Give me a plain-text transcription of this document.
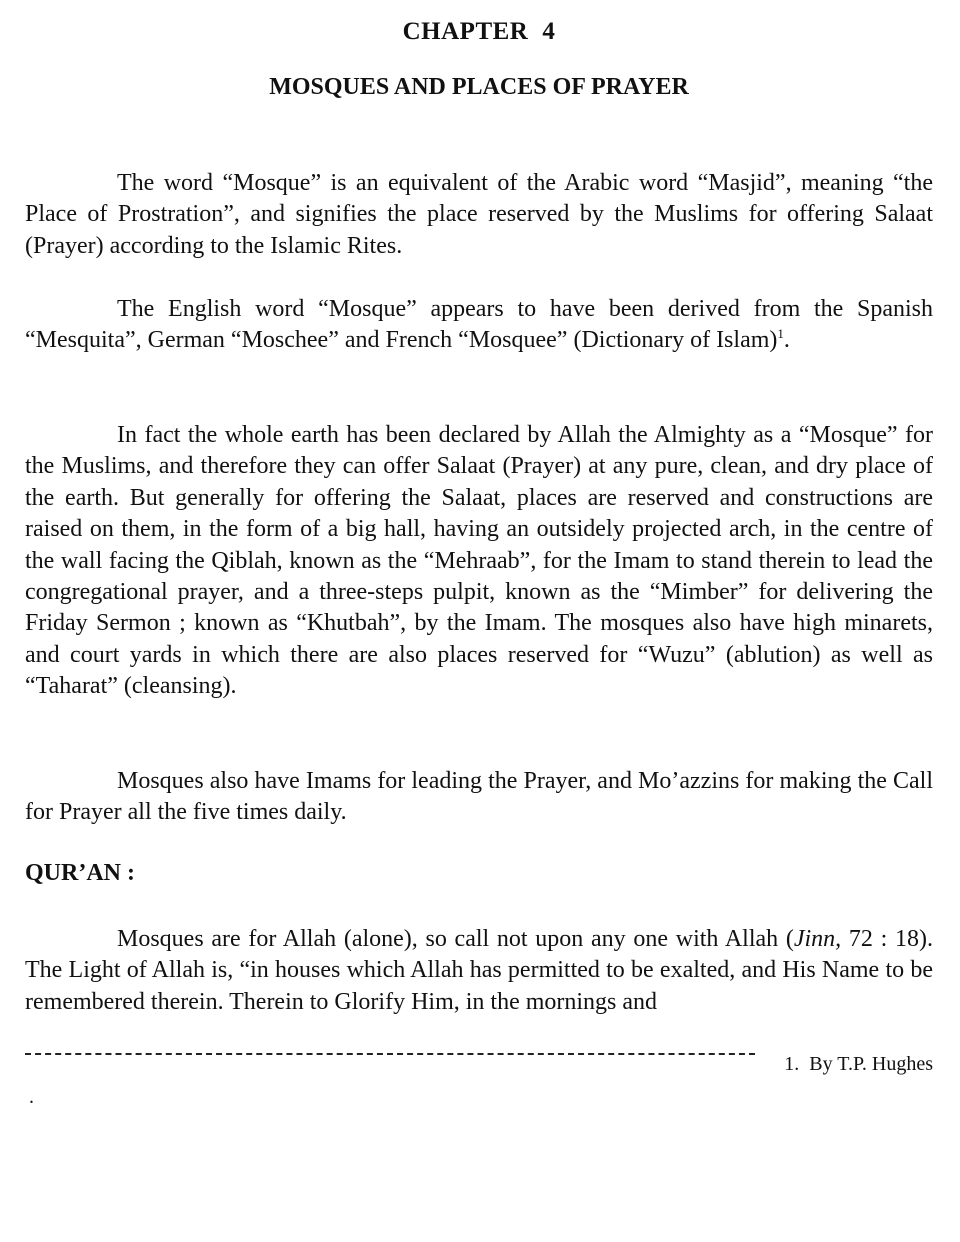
CHAPTER 4
MOSQUES AND PLACES OF PRAYER

The word “Mosque” is an equivalent of the Arabic word “Masjid”, meaning “the Place of Prostration”, and signifies the place reserved by the Muslims for offering Salaat (Prayer) according to the Islamic Rites.

The English word “Mosque” appears to have been derived from the Spanish “Mesquita”, German “Moschee” and French “Mosquee” (Dictionary of Islam)$^1$.

In fact the whole earth has been declared by Allah the Almighty as a “Mosque” for the Muslims, and therefore they can offer Salaat (Prayer) at any pure, clean, and dry place of the earth. But generally for offering the Salaat, places are reserved and constructions are raised on them, in the form of a big hall, having an outsidely projected arch, in the centre of the wall facing the Qiblah, known as the “Mehraab”, for the Imam to stand therein to lead the congregational prayer, and a three-steps pulpit, known as the “Mimber” for delivering the Friday Sermon ; known as “Khutbah”, by the Imam. The mosques also have high minarets, and court yards in which there are also places reserved for “Wuzu” (ablution) as well as “Taharat” (cleansing).

Mosques also have Imams for leading the Prayer, and Mo’azzins for making the Call for Prayer all the five times daily.

QUR’AN :

Mosques are for Allah (alone), so call not upon any one with Allah (Jinn, 72 : 18). The Light of Allah is, “in houses which Allah has permitted to be exalted, and His Name to be remembered therein. Therein to Glorify Him, in the mornings and

1.  By T.P. Hughes
.
